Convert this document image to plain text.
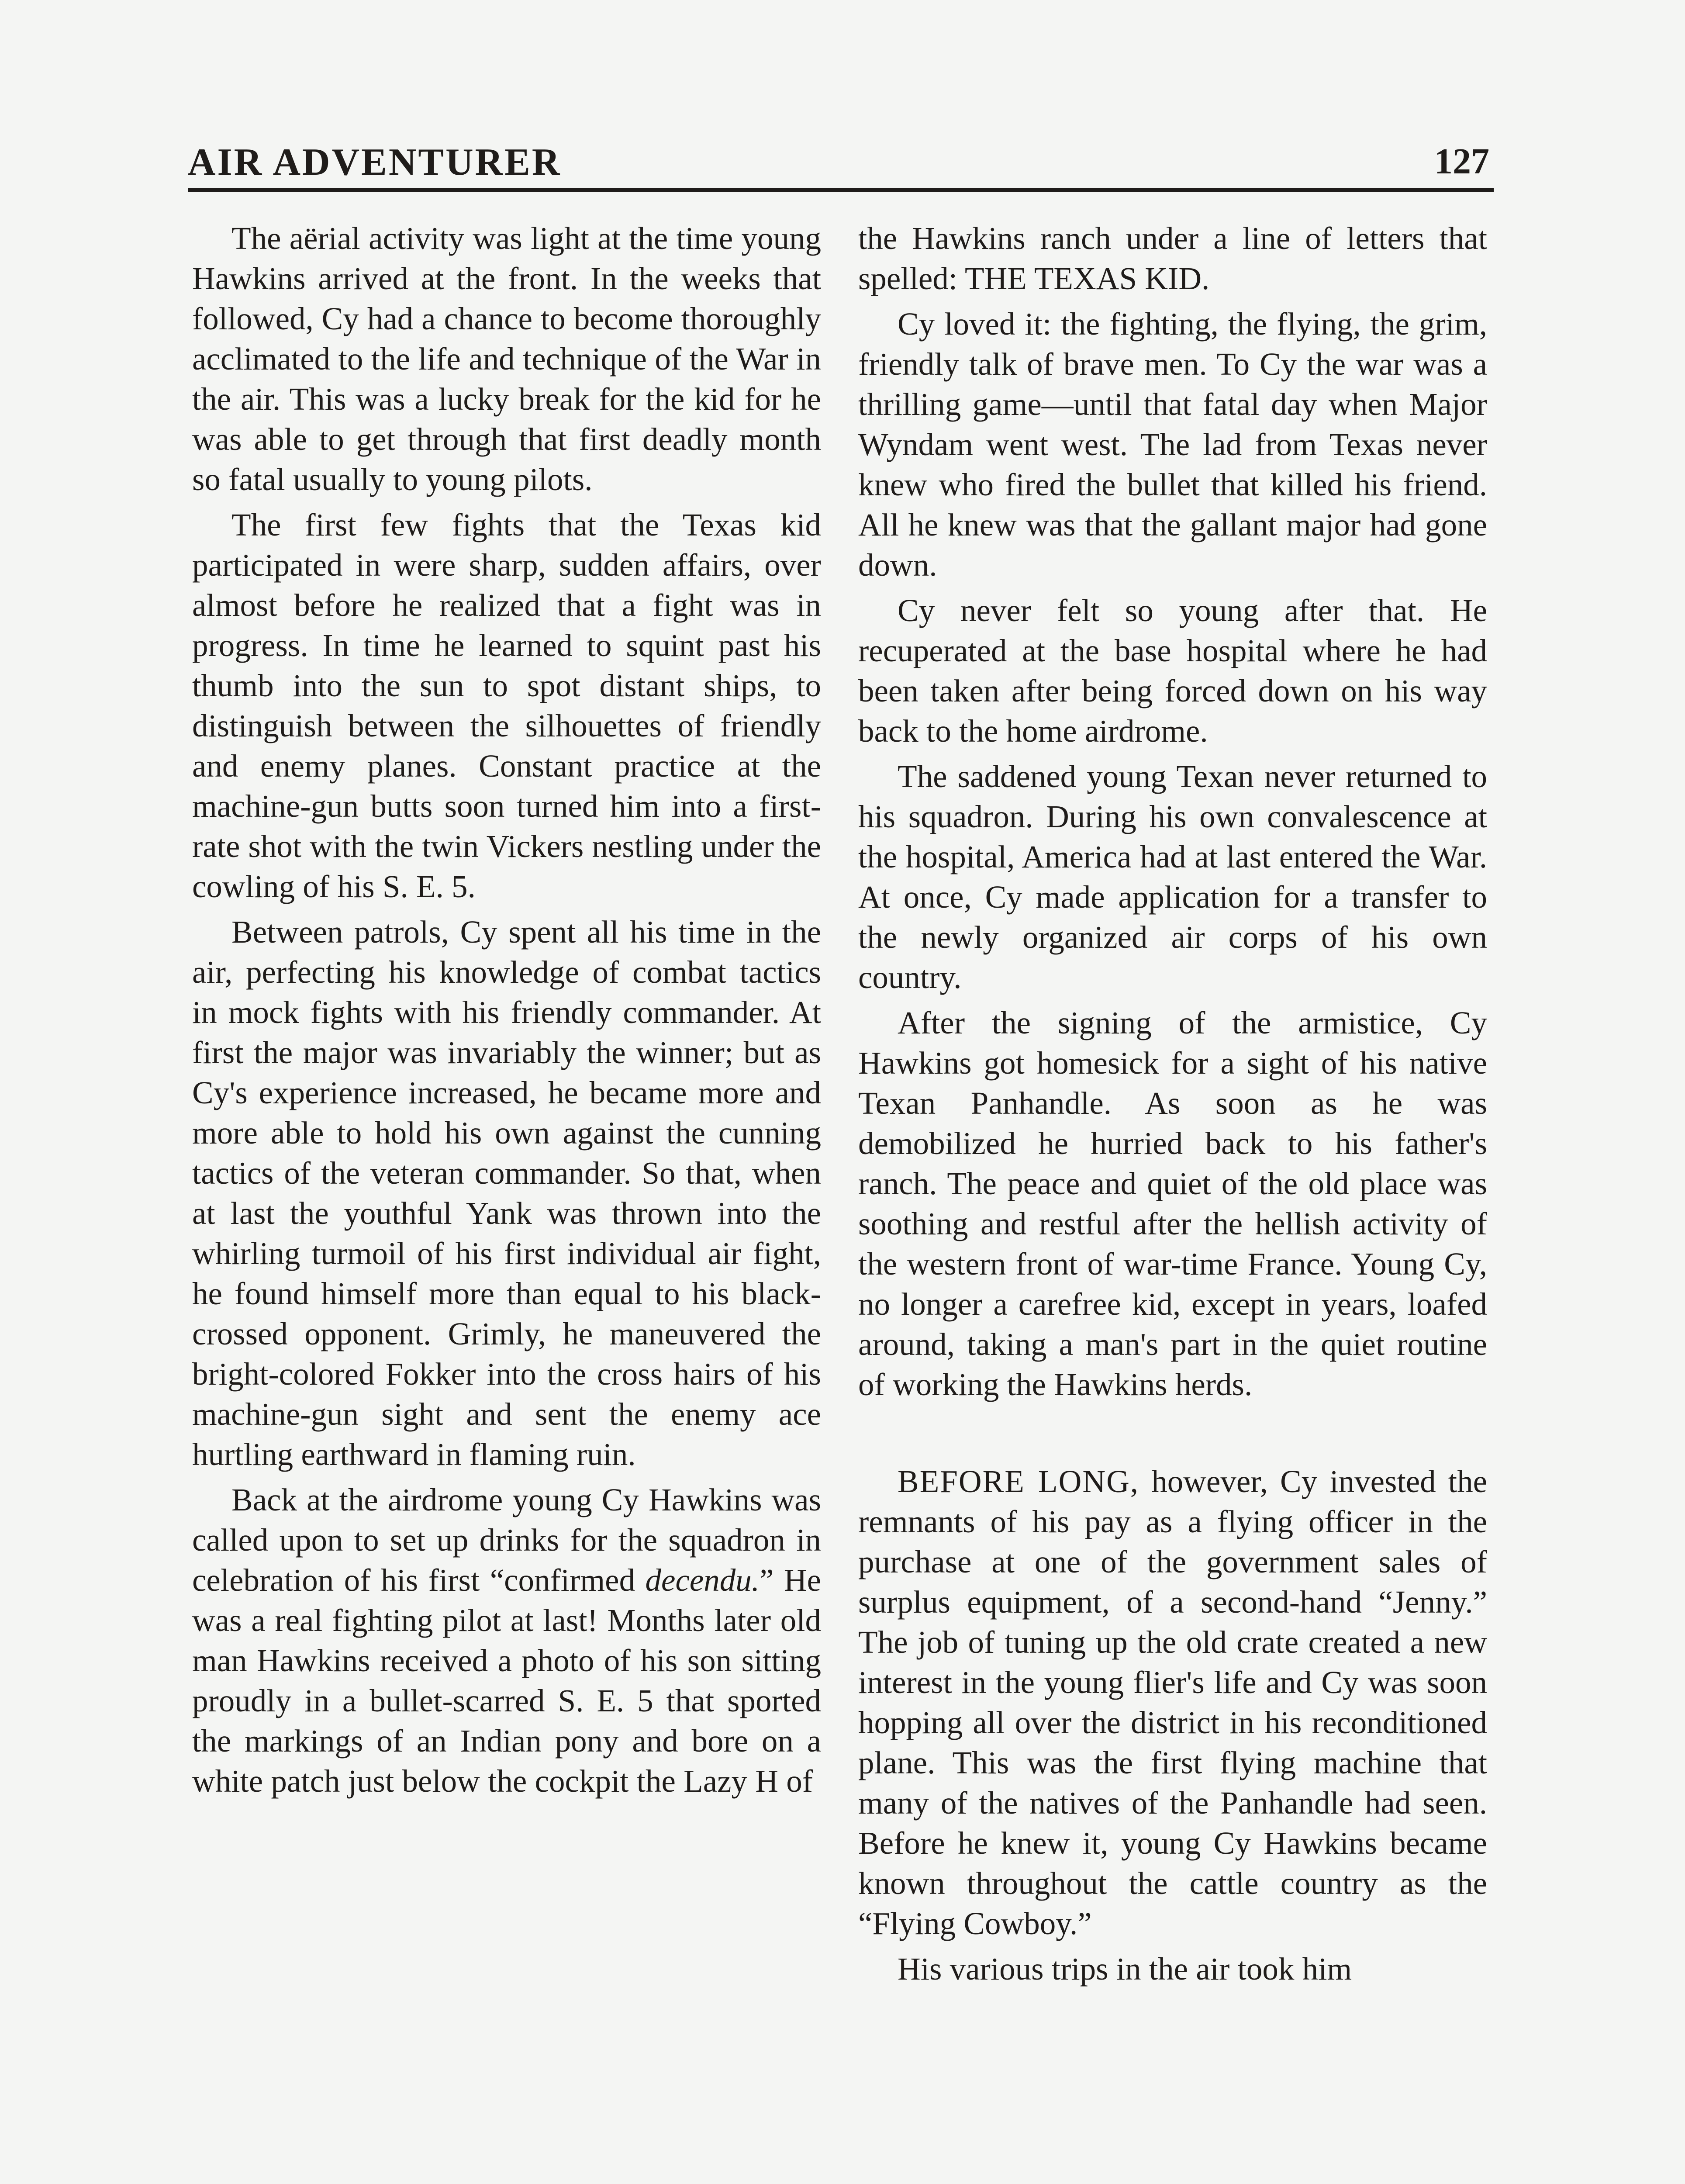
AIR ADVENTURER	127

The aërial activity was light at the time young Hawkins arrived at the front. In the weeks that followed, Cy had a chance to become thoroughly acclimated to the life and technique of the War in the air. This was a lucky break for the kid for he was able to get through that first deadly month so fatal usually to young pilots.

The first few fights that the Texas kid participated in were sharp, sudden affairs, over almost before he realized that a fight was in progress. In time he learned to squint past his thumb into the sun to spot distant ships, to distinguish between the silhouettes of friendly and enemy planes. Constant practice at the machine-gun butts soon turned him into a first-rate shot with the twin Vickers nestling under the cowling of his S. E. 5.

Between patrols, Cy spent all his time in the air, perfecting his knowledge of combat tactics in mock fights with his friendly commander. At first the major was invariably the winner; but as Cy's experience increased, he became more and more able to hold his own against the cunning tactics of the veteran commander. So that, when at last the youthful Yank was thrown into the whirling turmoil of his first individual air fight, he found himself more than equal to his black-crossed opponent. Grimly, he maneuvered the bright-colored Fokker into the cross hairs of his machine-gun sight and sent the enemy ace hurtling earthward in flaming ruin.

Back at the airdrome young Cy Hawkins was called upon to set up drinks for the squadron in celebration of his first “confirmed decendu.” He was a real fighting pilot at last! Months later old man Hawkins received a photo of his son sitting proudly in a bullet-scarred S. E. 5 that sported the markings of an Indian pony and bore on a white patch just below the cockpit the Lazy H of

the Hawkins ranch under a line of letters that spelled: THE TEXAS KID.

Cy loved it: the fighting, the flying, the grim, friendly talk of brave men. To Cy the war was a thrilling game—until that fatal day when Major Wyndam went west. The lad from Texas never knew who fired the bullet that killed his friend. All he knew was that the gallant major had gone down.

Cy never felt so young after that. He recuperated at the base hospital where he had been taken after being forced down on his way back to the home airdrome.

The saddened young Texan never returned to his squadron. During his own convalescence at the hospital, America had at last entered the War. At once, Cy made application for a transfer to the newly organized air corps of his own country.

After the signing of the armistice, Cy Hawkins got homesick for a sight of his native Texan Panhandle. As soon as he was demobilized he hurried back to his father's ranch. The peace and quiet of the old place was soothing and restful after the hellish activity of the western front of war-time France. Young Cy, no longer a carefree kid, except in years, loafed around, taking a man's part in the quiet routine of working the Hawkins herds.

BEFORE LONG, however, Cy invested the remnants of his pay as a flying officer in the purchase at one of the government sales of surplus equipment, of a second-hand “Jenny.” The job of tuning up the old crate created a new interest in the young flier's life and Cy was soon hopping all over the district in his reconditioned plane. This was the first flying machine that many of the natives of the Panhandle had seen. Before he knew it, young Cy Hawkins became known throughout the cattle country as the “Flying Cowboy.”

His various trips in the air took him
